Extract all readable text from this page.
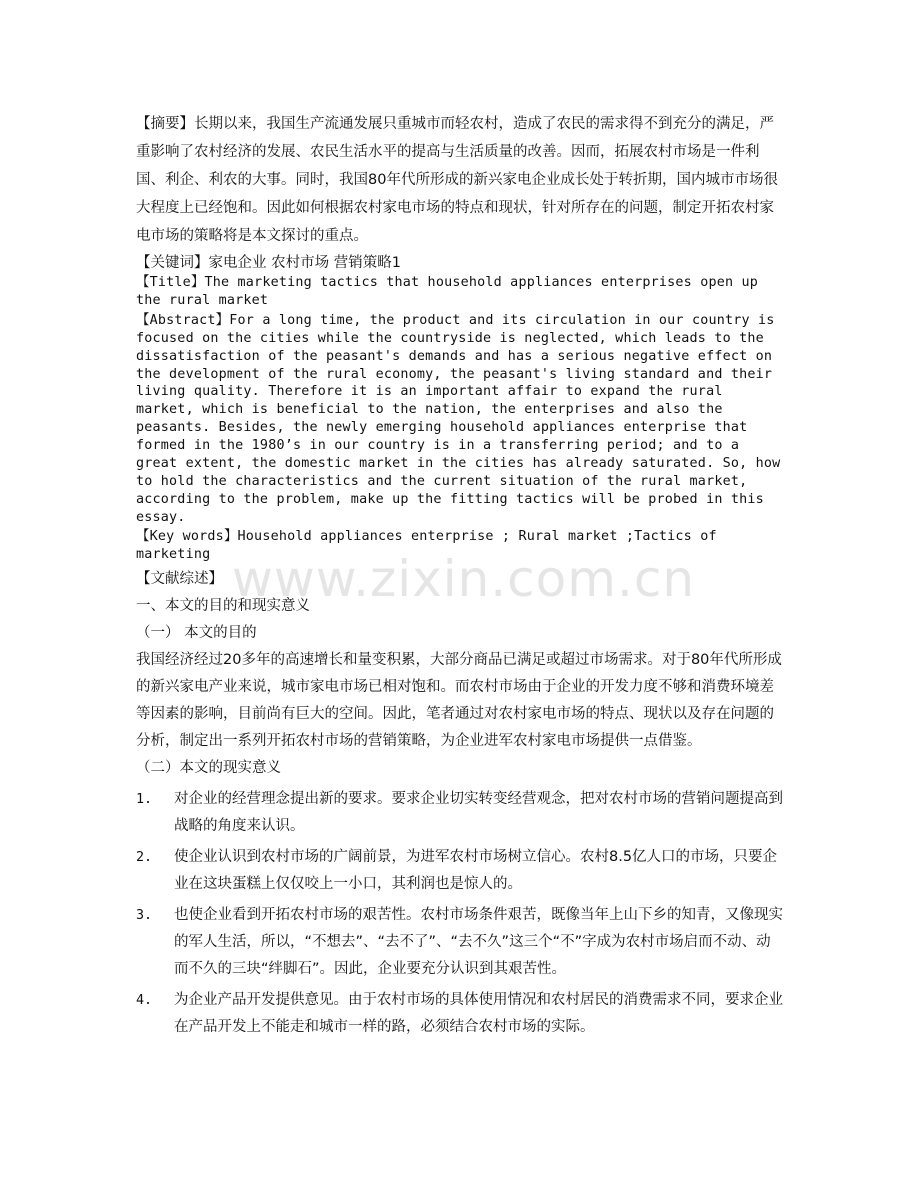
【摘要】长期以来，我国生产流通发展只重城市而轻农村，造成了农民的需求得不到充分的满足，严重影响了农村经济的发展、农民生活水平的提高与生活质量的改善。因而，拓展农村市场是一件利国、利企、利农的大事。同时，我国80年代所形成的新兴家电企业成长处于转折期，国内城市市场很大程度上已经饱和。因此如何根据农村家电市场的特点和现状，针对所存在的问题，制定开拓农村家电市场的策略将是本文探讨的重点。

【关键词】家电企业 农村市场 营销策略1

【Title】The marketing tactics that household appliances enterprises open up the rural market

【Abstract】For a long time, the product and its circulation in our country is focused on the cities while the countryside is neglected, which leads to the dissatisfaction of the peasant's demands and has a serious negative effect on the development of the rural economy, the peasant's living standard and their living quality. Therefore it is an important affair to expand the rural market, which is beneficial to the nation, the enterprises and also the peasants. Besides, the newly emerging household appliances enterprise that formed in the 1980’s in our country is in a transferring period; and to a great extent, the domestic market in the cities has already saturated. So, how to hold the characteristics and the current situation of the rural market, according to the problem, make up the fitting tactics will be probed in this essay.

【Key words】Household appliances enterprise ; Rural market ;Tactics of marketing

【文献综述】

一、本文的目的和现实意义

（一） 本文的目的

我国经济经过20多年的高速增长和量变积累，大部分商品已满足或超过市场需求。对于80年代所形成的新兴家电产业来说，城市家电市场已相对饱和。而农村市场由于企业的开发力度不够和消费环境差等因素的影响，目前尚有巨大的空间。因此，笔者通过对农村家电市场的特点、现状以及存在问题的分析，制定出一系列开拓农村市场的营销策略，为企业进军农村家电市场提供一点借鉴。

（二）本文的现实意义

1. 对企业的经营理念提出新的要求。要求企业切实转变经营观念，把对农村市场的营销问题提高到战略的角度来认识。
2. 使企业认识到农村市场的广阔前景，为进军农村市场树立信心。农村8.5亿人口的市场，只要企业在这块蛋糕上仅仅咬上一小口，其利润也是惊人的。
3. 也使企业看到开拓农村市场的艰苦性。农村市场条件艰苦，既像当年上山下乡的知青，又像现实的军人生活，所以，“不想去”、“去不了”、“去不久”这三个“不”字成为农村市场启而不动、动而不久的三块“绊脚石”。因此，企业要充分认识到其艰苦性。
4. 为企业产品开发提供意见。由于农村市场的具体使用情况和农村居民的消费需求不同，要求企业在产品开发上不能走和城市一样的路，必须结合农村市场的实际。
www.zixin.com.cn
